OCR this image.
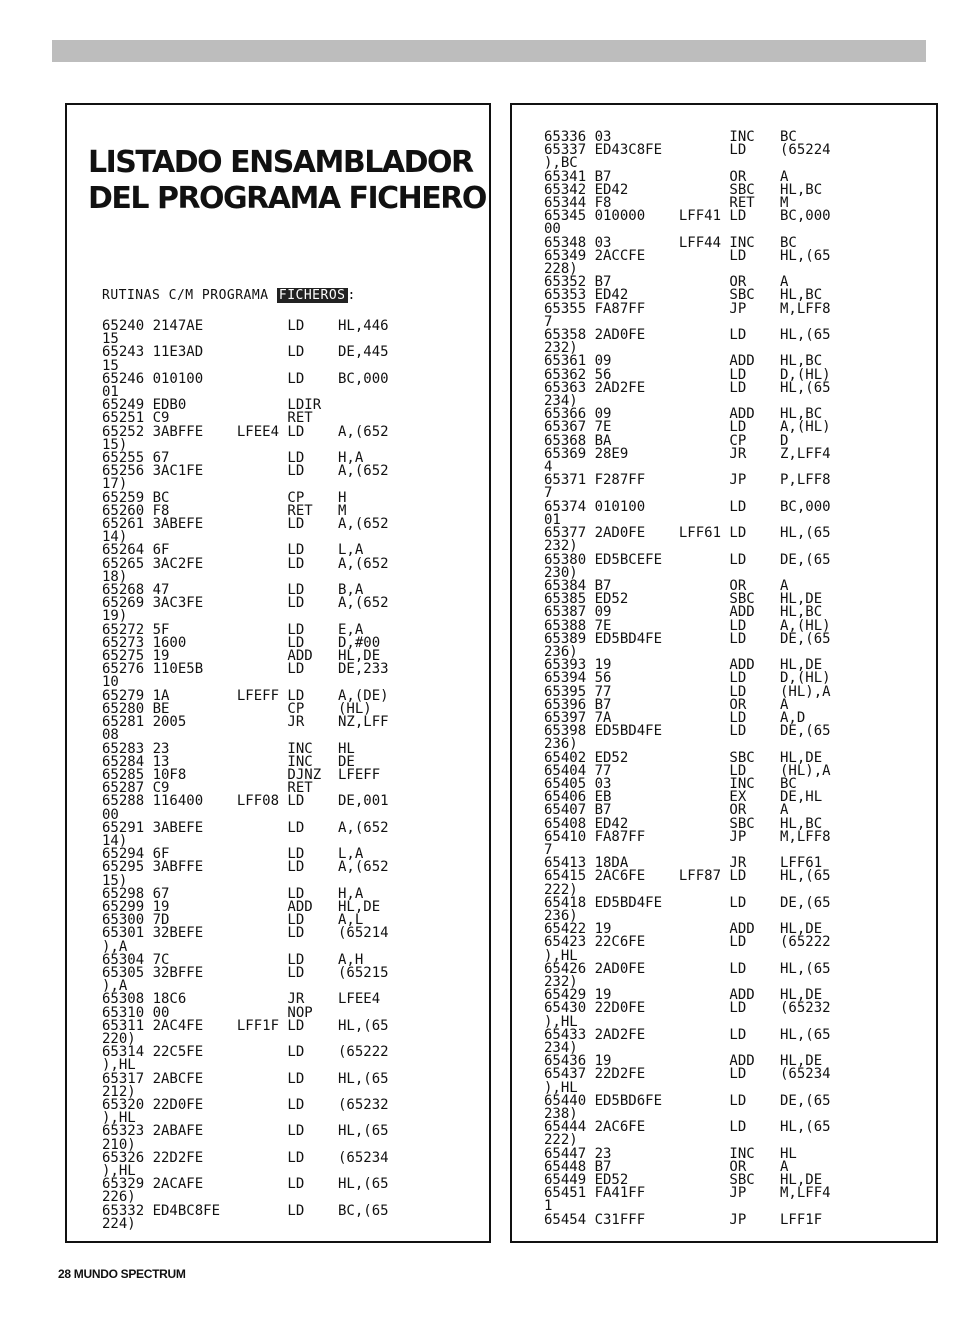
LISTADO ENSAMBLADOR
DEL PROGRAMA FICHERO
RUTINAS C/M PROGRAMA FICHEROS :
65240 2147AE          LD    HL,446
15
65243 11E3AD          LD    DE,445
15
65246 010100          LD    BC,000
01
65249 EDB0            LDIR
65251 C9              RET
65252 3ABFFE    LFEE4 LD    A,(652
15)
65255 67              LD    H,A
65256 3AC1FE          LD    A,(652
17)
65259 BC              CP    H
65260 F8              RET   M
65261 3ABEFE          LD    A,(652
14)
65264 6F              LD    L,A
65265 3AC2FE          LD    A,(652
18)
65268 47              LD    B,A
65269 3AC3FE          LD    A,(652
19)
65272 5F              LD    E,A
65273 1600            LD    D,#00
65275 19              ADD   HL,DE
65276 110E5B          LD    DE,233
10
65279 1A        LFEFF LD    A,(DE)
65280 BE              CP    (HL)
65281 2005            JR    NZ,LFF
08
65283 23              INC   HL
65284 13              INC   DE
65285 10F8            DJNZ  LFEFF
65287 C9              RET
65288 116400    LFF08 LD    DE,001
00
65291 3ABEFE          LD    A,(652
14)
65294 6F              LD    L,A
65295 3ABFFE          LD    A,(652
15)
65298 67              LD    H,A
65299 19              ADD   HL,DE
65300 7D              LD    A,L
65301 32BEFE          LD    (65214
),A
65304 7C              LD    A,H
65305 32BFFE          LD    (65215
),A
65308 18C6            JR    LFEE4
65310 00              NOP
65311 2AC4FE    LFF1F LD    HL,(65
220)
65314 22C5FE          LD    (65222
),HL
65317 2ABCFE          LD    HL,(65
212)
65320 22D0FE          LD    (65232
),HL
65323 2ABAFE          LD    HL,(65
210)
65326 22D2FE          LD    (65234
),HL
65329 2ACAFE          LD    HL,(65
226)
65332 ED4BC8FE        LD    BC,(65
224)
65336 03              INC   BC
65337 ED43C8FE        LD    (65224
),BC
65341 B7              OR    A
65342 ED42            SBC   HL,BC
65344 F8              RET   M
65345 010000    LFF41 LD    BC,000
00
65348 03        LFF44 INC   BC
65349 2ACCFE          LD    HL,(65
228)
65352 B7              OR    A
65353 ED42            SBC   HL,BC
65355 FA87FF          JP    M,LFF8
7
65358 2AD0FE          LD    HL,(65
232)
65361 09              ADD   HL,BC
65362 56              LD    D,(HL)
65363 2AD2FE          LD    HL,(65
234)
65366 09              ADD   HL,BC
65367 7E              LD    A,(HL)
65368 BA              CP    D
65369 28E9            JR    Z,LFF4
4
65371 F287FF          JP    P,LFF8
7
65374 010100          LD    BC,000
01
65377 2AD0FE    LFF61 LD    HL,(65
232)
65380 ED5BCEFE        LD    DE,(65
230)
65384 B7              OR    A
65385 ED52            SBC   HL,DE
65387 09              ADD   HL,BC
65388 7E              LD    A,(HL)
65389 ED5BD4FE        LD    DE,(65
236)
65393 19              ADD   HL,DE
65394 56              LD    D,(HL)
65395 77              LD    (HL),A
65396 B7              OR    A
65397 7A              LD    A,D
65398 ED5BD4FE        LD    DE,(65
236)
65402 ED52            SBC   HL,DE
65404 77              LD    (HL),A
65405 03              INC   BC
65406 EB              EX    DE,HL
65407 B7              OR    A
65408 ED42            SBC   HL,BC
65410 FA87FF          JP    M,LFF8
7
65413 18DA            JR    LFF61
65415 2AC6FE    LFF87 LD    HL,(65
222)
65418 ED5BD4FE        LD    DE,(65
236)
65422 19              ADD   HL,DE
65423 22C6FE          LD    (65222
),HL
65426 2AD0FE          LD    HL,(65
232)
65429 19              ADD   HL,DE
65430 22D0FE          LD    (65232
),HL
65433 2AD2FE          LD    HL,(65
234)
65436 19              ADD   HL,DE
65437 22D2FE          LD    (65234
),HL
65440 ED5BD6FE        LD    DE,(65
238)
65444 2AC6FE          LD    HL,(65
222)
65447 23              INC   HL
65448 B7              OR    A
65449 ED52            SBC   HL,DE
65451 FA41FF          JP    M,LFF4
1
65454 C31FFF          JP    LFF1F
28 MUNDO SPECTRUM
